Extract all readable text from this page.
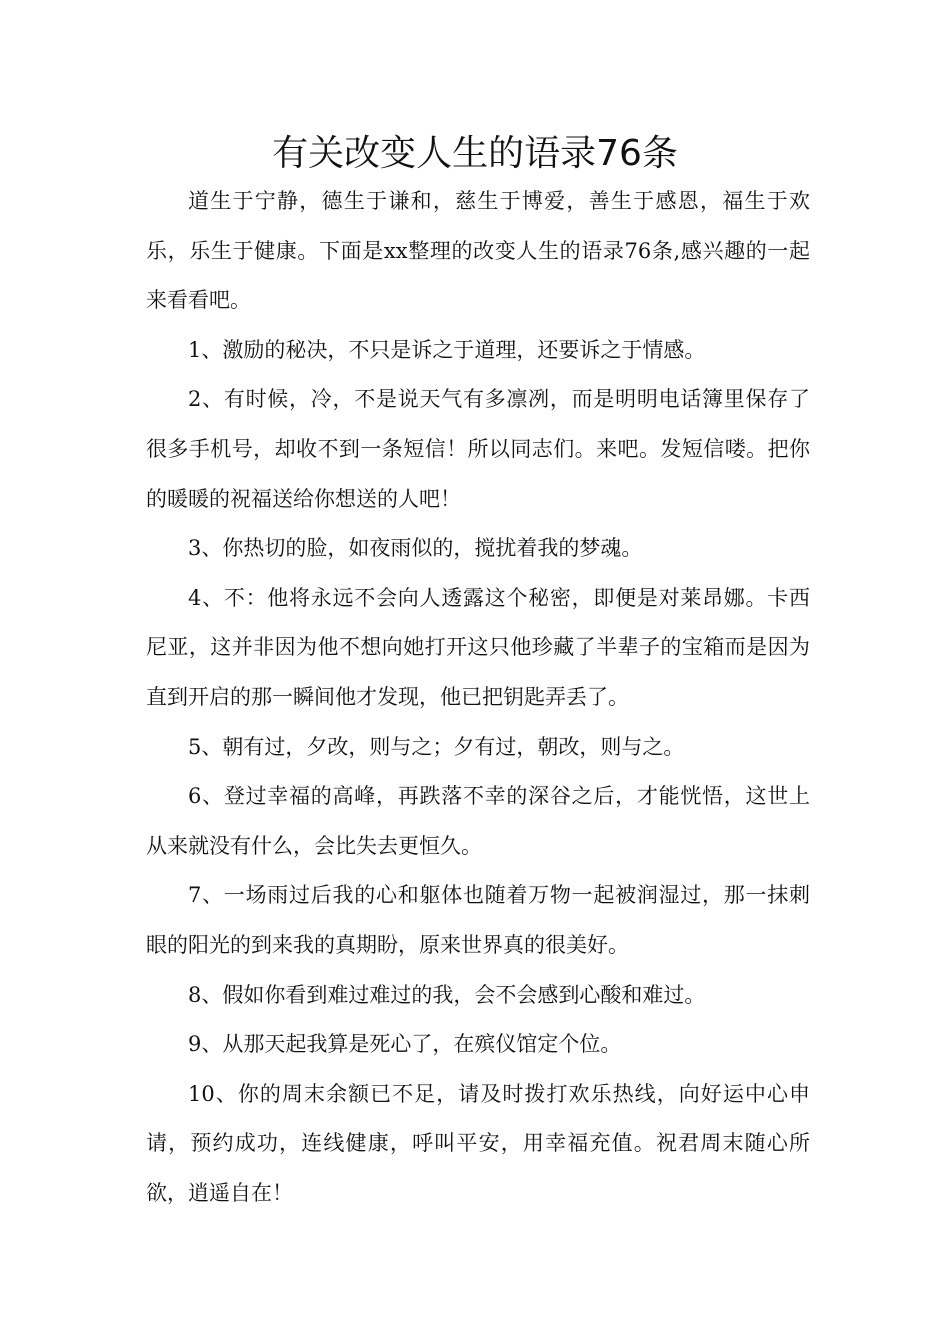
有关改变人生的语录76条

道生于宁静，德生于谦和，慈生于博爱，善生于感恩，福生于欢乐，乐生于健康。下面是xx整理的改变人生的语录76条,感兴趣的一起来看看吧。

1、激励的秘决，不只是诉之于道理，还要诉之于情感。

2、有时候，冷，不是说天气有多凛冽，而是明明电话簿里保存了很多手机号，却收不到一条短信！所以同志们。来吧。发短信喽。把你的暖暖的祝福送给你想送的人吧！

3、你热切的脸，如夜雨似的，搅扰着我的梦魂。

4、不：他将永远不会向人透露这个秘密，即便是对莱昂娜。卡西尼亚，这并非因为他不想向她打开这只他珍藏了半辈子的宝箱而是因为直到开启的那一瞬间他才发现，他已把钥匙弄丢了。

5、朝有过，夕改，则与之；夕有过，朝改，则与之。

6、登过幸福的高峰，再跌落不幸的深谷之后，才能恍悟，这世上从来就没有什么，会比失去更恒久。

7、一场雨过后我的心和躯体也随着万物一起被润湿过，那一抹刺眼的阳光的到来我的真期盼，原来世界真的很美好。

8、假如你看到难过难过的我，会不会感到心酸和难过。

9、从那天起我算是死心了，在殡仪馆定个位。

10、你的周末余额已不足，请及时拨打欢乐热线，向好运中心申请，预约成功，连线健康，呼叫平安，用幸福充值。祝君周末随心所欲，逍遥自在！
